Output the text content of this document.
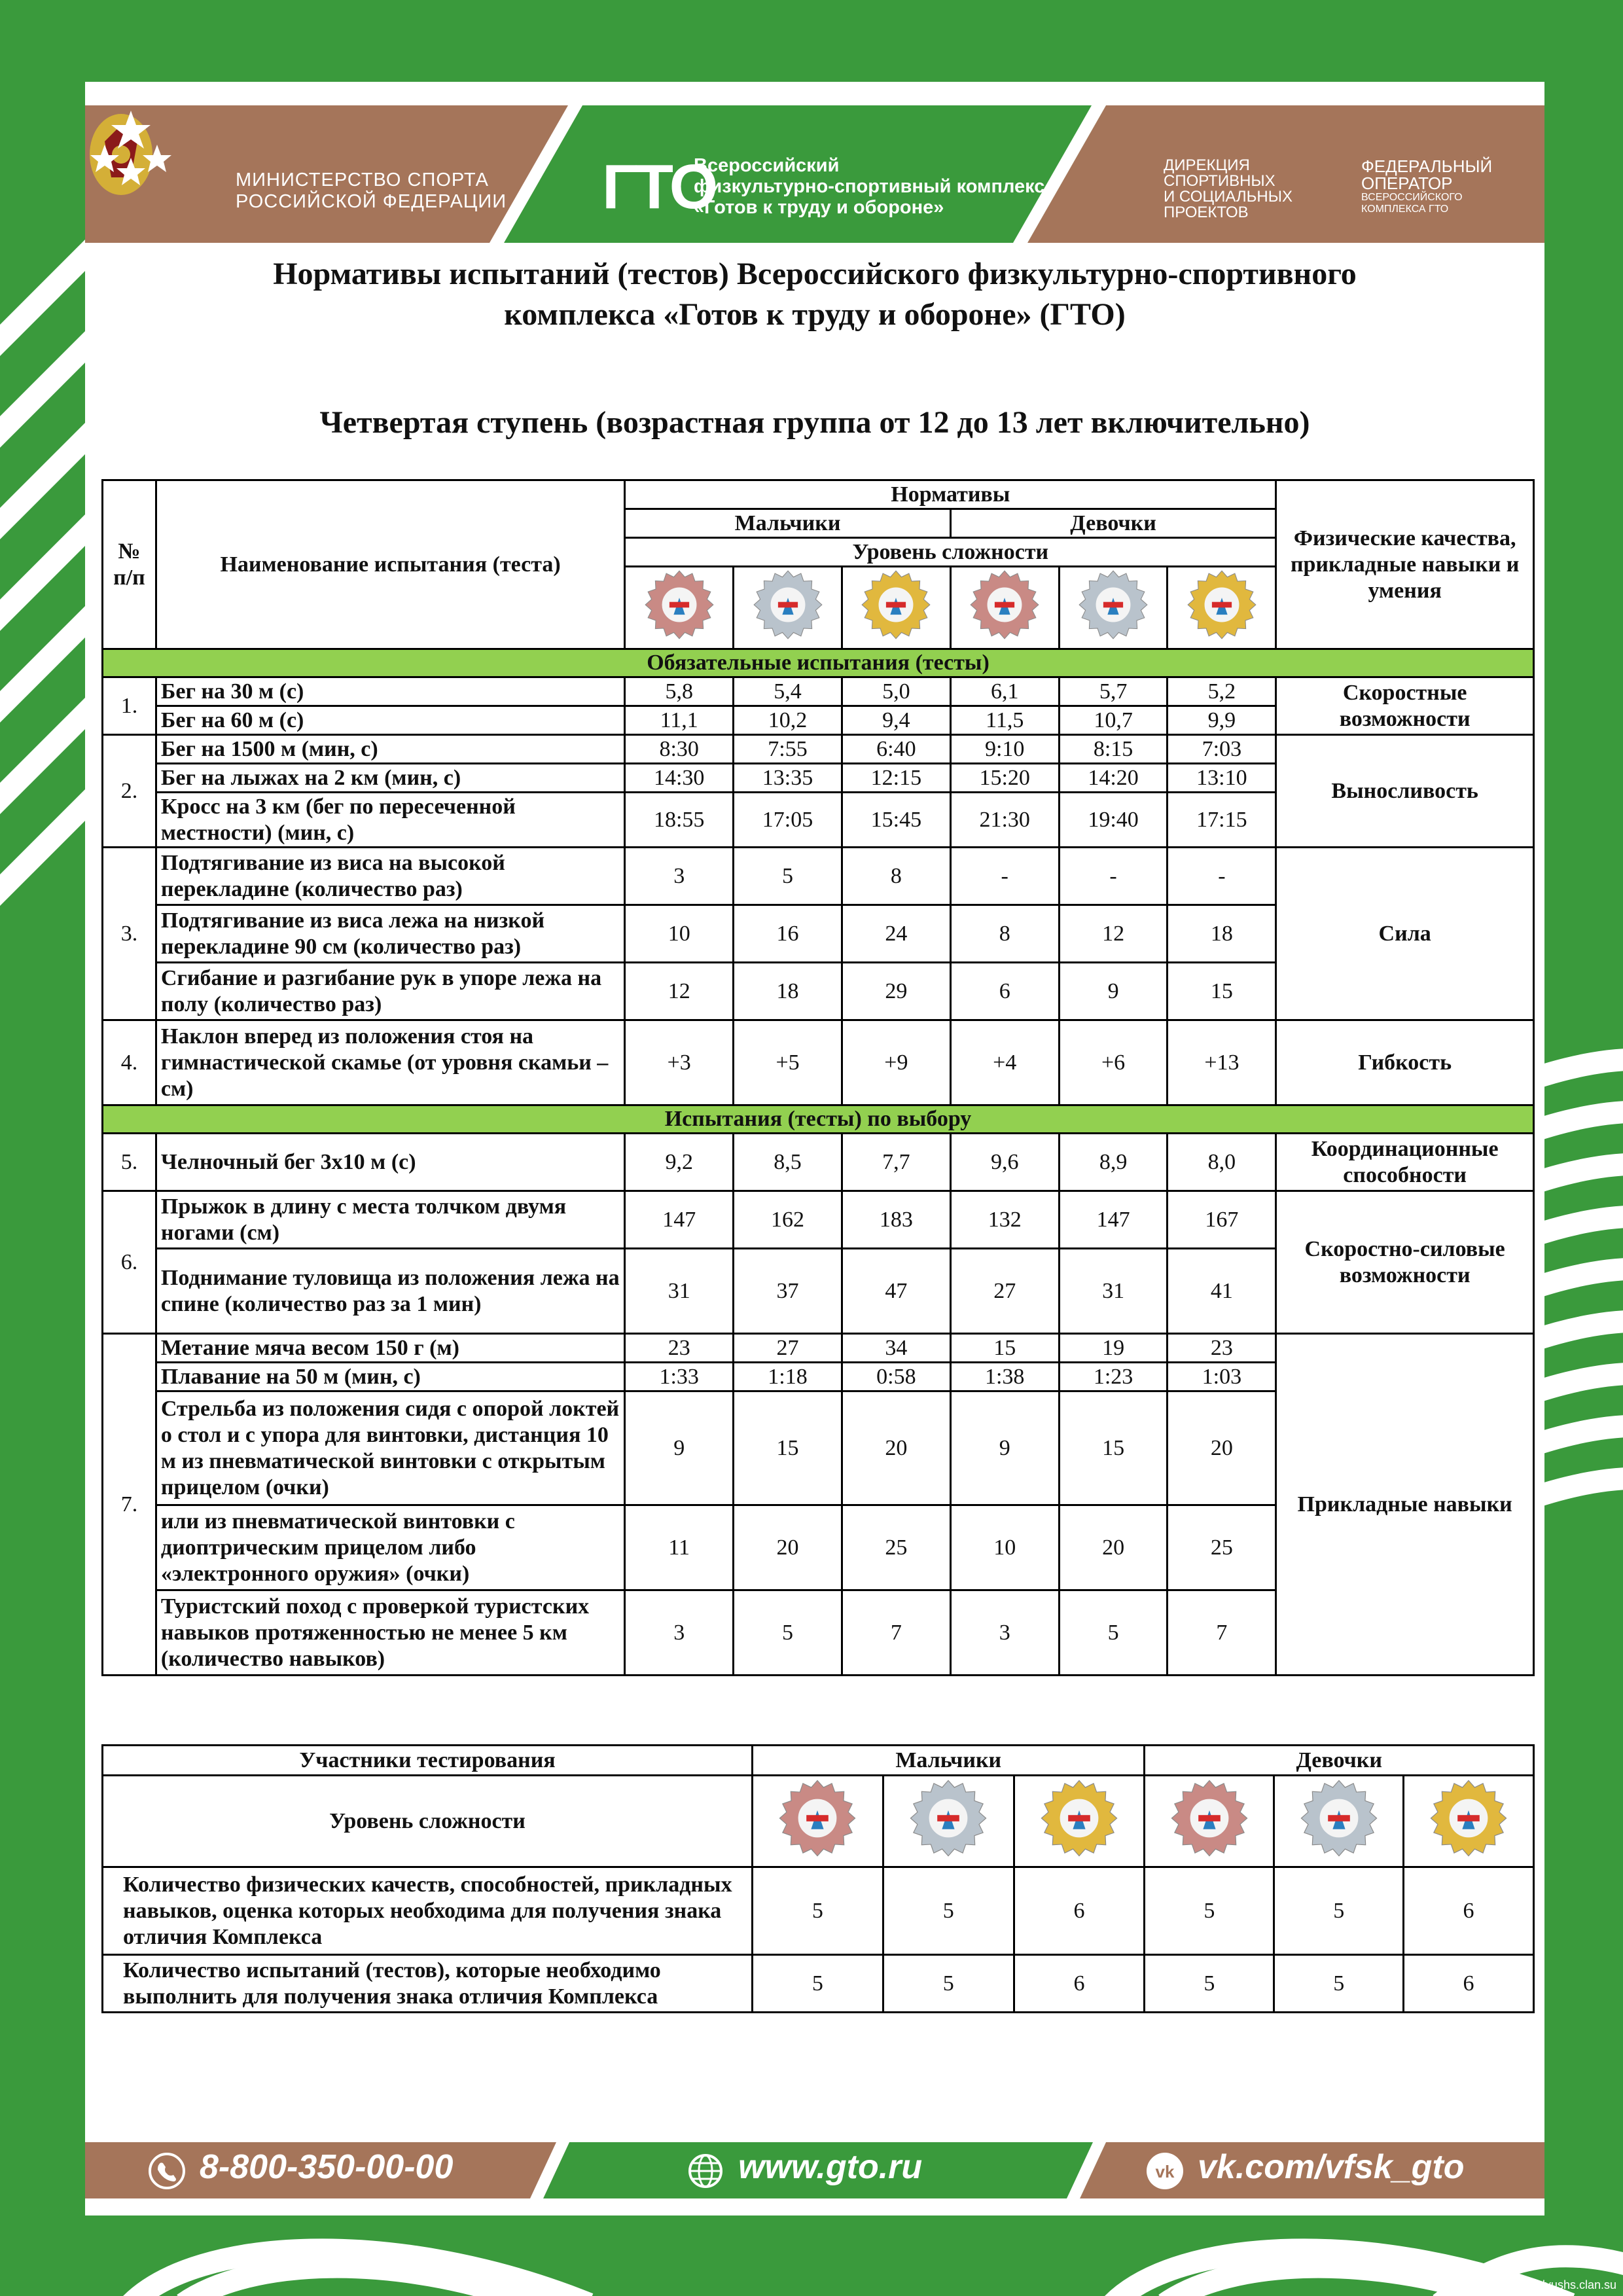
МИНИСТЕРСТВО СПОРТА
РОССИЙСКОЙ ФЕДЕРАЦИИ ГТО
Всероссийский
физкультурно-спортивный комплекс
«Готов к труду и обороне»
ДИРЕКЦИЯ
СПОРТИВНЫХ
И СОЦИАЛЬНЫХ
ПРОЕКТОВ
ФЕДЕРАЛЬНЫЙ
ОПЕРАТОР
ВСЕРОССИЙСКОГО
КОМПЛЕКСА ГТО
Нормативы испытаний (тестов) Всероссийского физкультурно-спортивного
комплекса «Готов к труду и обороне» (ГТО)
Четвертая ступень (возрастная группа от 12 до 13 лет включительно)
№ п/п	Наименование испытания (теста)	Нормативы						Физические качества, прикладные навыки и умения
		Мальчики			Девочки			
		Уровень сложности						

Обязательные испытания (тесты)								
1.	Бег на 30 м (с)	5,8	5,4	5,0	6,1	5,7	5,2	Скоростные возможности
	Бег на 60 м (с)	11,1	10,2	9,4	11,5	10,7	9,9	
2.	Бег на 1500 м (мин, с)	8:30	7:55	6:40	9:10	8:15	7:03	Выносливость
	Бег на лыжах на 2 км (мин, с)	14:30	13:35	12:15	15:20	14:20	13:10	
	Кросс на 3 км (бег по пересеченной местности) (мин, с)	18:55	17:05	15:45	21:30	19:40	17:15	
3.	Подтягивание из виса на высокой перекладине (количество раз)	3	5	8	-	-	-	Сила
	Подтягивание из виса лежа на низкой перекладине 90 см (количество раз)	10	16	24	8	12	18	
	Сгибание и разгибание рук в упоре лежа на полу (количество раз)	12	18	29	6	9	15	
4.	Наклон вперед из положения стоя на гимнастической скамье (от уровня скамьи – см)	+3	+5	+9	+4	+6	+13	Гибкость
Испытания (тесты) по выбору								
5.	Челночный бег 3х10 м (с)	9,2	8,5	7,7	9,6	8,9	8,0	Координационные способности
6.	Прыжок в длину с места толчком двумя ногами (см)	147	162	183	132	147	167	Скоростно-силовые возможности
	Поднимание туловища из положения лежа на спине (количество раз за 1 мин)	31	37	47	27	31	41	
7.	Метание мяча весом 150 г (м)	23	27	34	15	19	23	Прикладные навыки
	Плавание на 50 м (мин, с)	1:33	1:18	0:58	1:38	1:23	1:03	
	Стрельба из положения сидя с опорой локтей о стол и с упора для винтовки, дистанция 10 м из пневматической винтовки с открытым прицелом (очки)	9	15	20	9	15	20	
	или из пневматической винтовки с диоптрическим прицелом либо «электронного оружия» (очки)	11	20	25	10	20	25	
	Туристский поход с проверкой туристских навыков протяженностью не менее 5 км (количество навыков)	3	5	7	3	5	7	
Участники тестирования	Мальчики			Девочки		
Уровень сложности						
Количество физических качеств, способностей, прикладных навыков, оценка которых необходима для получения знака отличия Комплекса	5	5	6	5	5	6
Количество испытаний (тестов), которые необходимо выполнить для получения знака отличия Комплекса	5	5	6	5	5	6
8-800-350-00-00	www.gto.ru	vk vk.com/vfsk_gto
dyushs.clan.su
